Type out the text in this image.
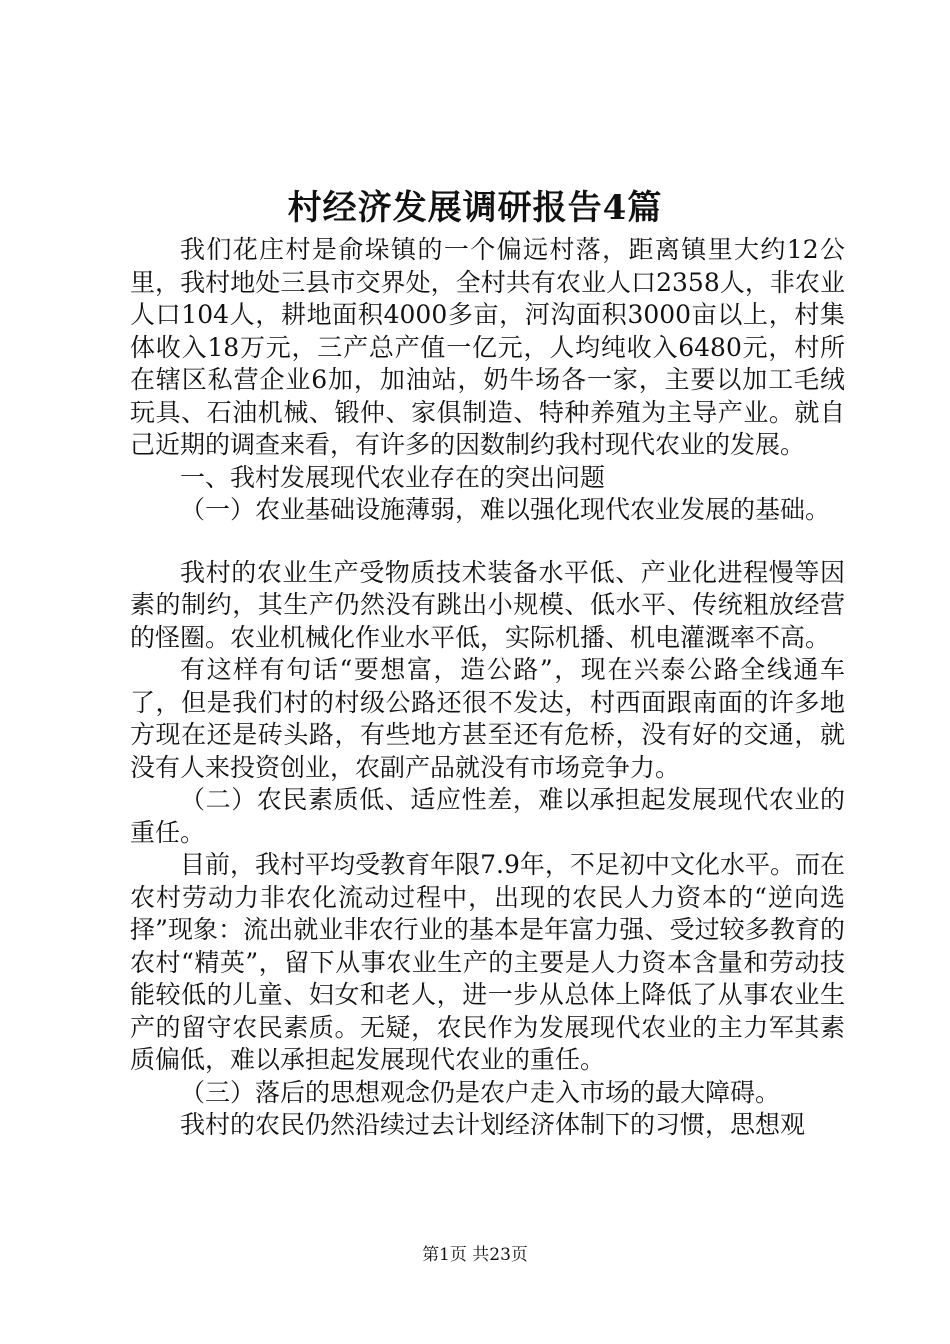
村经济发展调研报告4篇

我们花庄村是俞垛镇的一个偏远村落，距离镇里大约12公里，我村地处三县市交界处，全村共有农业人口2358人，非农业人口104人，耕地面积4000多亩，河沟面积3000亩以上，村集体收入18万元，三产总产值一亿元，人均纯收入6480元，村所在辖区私营企业6加，加油站，奶牛场各一家，主要以加工毛绒玩具、石油机械、锻仲、家俱制造、特种养殖为主导产业。就自己近期的调查来看，有许多的因数制约我村现代农业的发展。

一、我村发展现代农业存在的突出问题

（一）农业基础设施薄弱，难以强化现代农业发展的基础。

我村的农业生产受物质技术装备水平低、产业化进程慢等因素的制约，其生产仍然没有跳出小规模、低水平、传统粗放经营的怪圈。农业机械化作业水平低，实际机播、机电灌溉率不高。

有这样有句话“要想富，造公路”，现在兴泰公路全线通车了，但是我们村的村级公路还很不发达，村西面跟南面的许多地方现在还是砖头路，有些地方甚至还有危桥，没有好的交通，就没有人来投资创业，农副产品就没有市场竞争力。

（二）农民素质低、适应性差，难以承担起发展现代农业的重任。

目前，我村平均受教育年限7.9年，不足初中文化水平。而在农村劳动力非农化流动过程中，出现的农民人力资本的“逆向选择”现象：流出就业非农行业的基本是年富力强、受过较多教育的农村“精英”，留下从事农业生产的主要是人力资本含量和劳动技能较低的儿童、妇女和老人，进一步从总体上降低了从事农业生产的留守农民素质。无疑，农民作为发展现代农业的主力军其素质偏低，难以承担起发展现代农业的重任。

（三）落后的思想观念仍是农户走入市场的最大障碍。

我村的农民仍然沿续过去计划经济体制下的习惯，思想观

第1页 共23页
